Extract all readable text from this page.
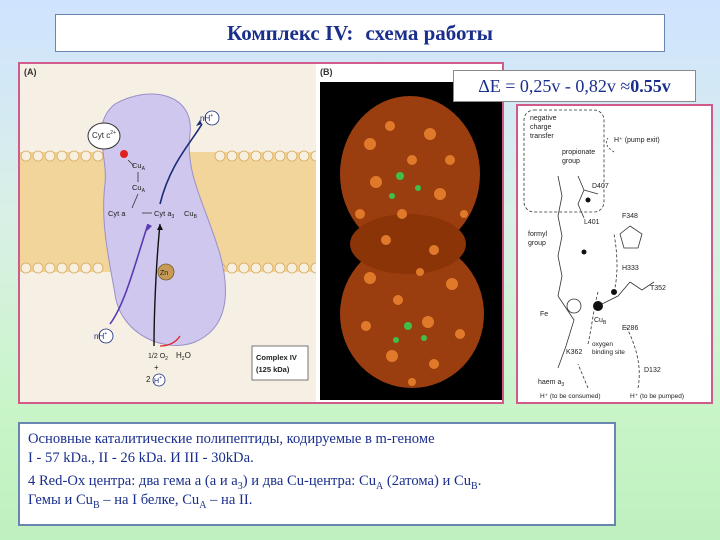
Комплекс IV: схема работы
(A)
Cyt $c^{2+}$
$Cu_A$
$Cu_A$
Cyt a	Cyt $a_3$ $Cu_B$
Zn
nH+
nH+
1/2 $O_2$
+
2 H+
$H_2O$	Complex IV
(125 kDa)
(B)
ΔE = 0,25v - 0,82v ≈ 0.55v
negative
charge
transfer
H⁺ (pump exit)
propionate
group
D407
L401
F348
formyl
group
H333
T352
Fe
$Cu_B$
E286
K362
oxygen
binding site
haem $a_3$
D132
H⁺ (to be consumed)	H⁺ (to be pumped)

Основные каталитические полипептиды, кодируемые в m-геноме

I - 57 kDa., II - 26 kDa. И III - 30kDa.

4 Red-Ox центра: два гема а (а и $а_3$) и два Cu-центра: $Cu_A$ (2атома) и $Cu_B$.

Гемы и $Cu_B$ – на I белке, $Cu_A$ – на II.
